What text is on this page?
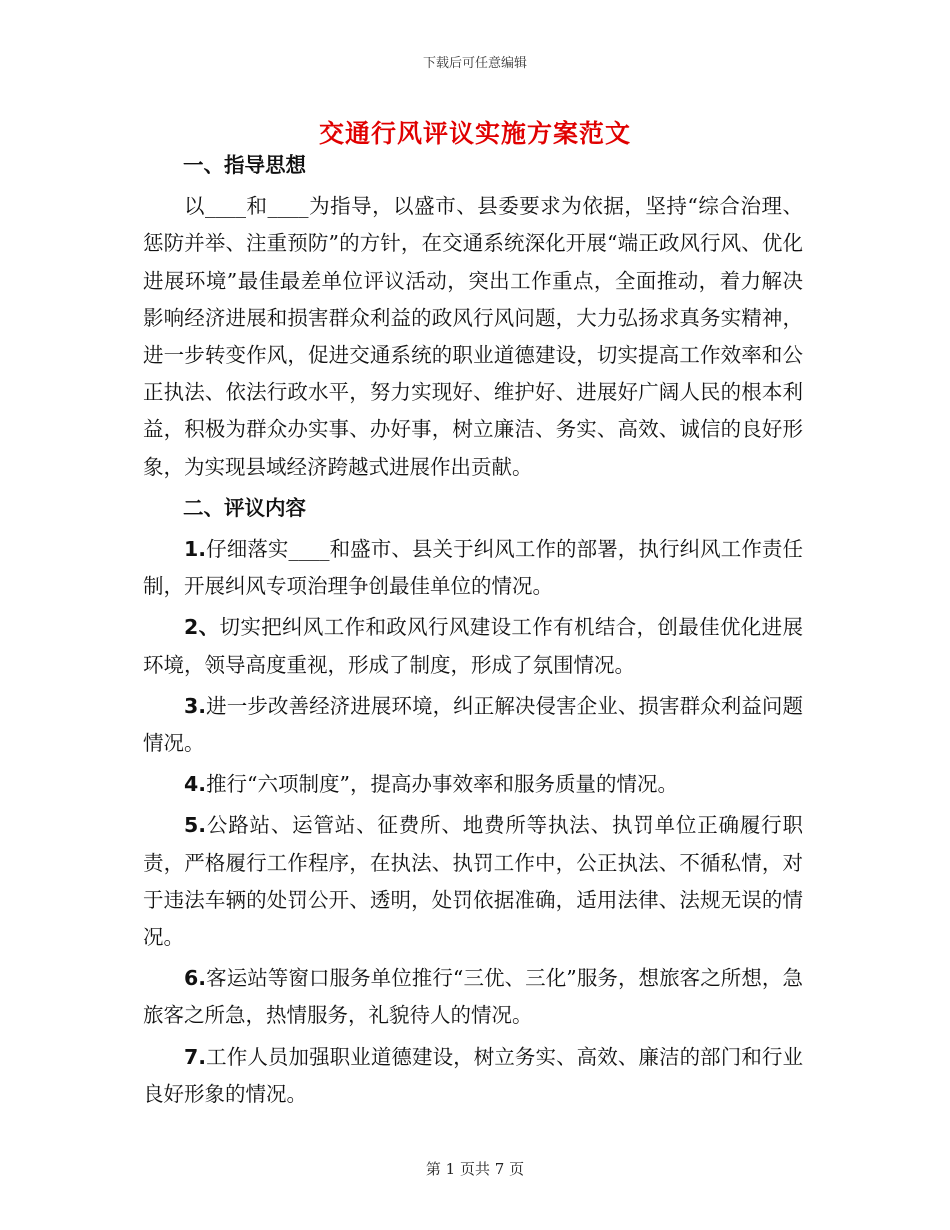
下载后可任意编辑
交通行风评议实施方案范文
一、指导思想

以____和____为指导，以盛市、县委要求为依据，坚持“综合治理、惩防并举、注重预防”的方针，在交通系统深化开展“端正政风行风、优化进展环境”最佳最差单位评议活动，突出工作重点，全面推动，着力解决影响经济进展和损害群众利益的政风行风问题，大力弘扬求真务实精神，进一步转变作风，促进交通系统的职业道德建设，切实提高工作效率和公正执法、依法行政水平，努力实现好、维护好、进展好广阔人民的根本利益，积极为群众办实事、办好事，树立廉洁、务实、高效、诚信的良好形象，为实现县域经济跨越式进展作出贡献。

二、评议内容

1.仔细落实____和盛市、县关于纠风工作的部署，执行纠风工作责任制，开展纠风专项治理争创最佳单位的情况。

2、切实把纠风工作和政风行风建设工作有机结合，创最佳优化进展环境，领导高度重视，形成了制度，形成了氛围情况。

3.进一步改善经济进展环境，纠正解决侵害企业、损害群众利益问题情况。

4.推行“六项制度”，提高办事效率和服务质量的情况。

5.公路站、运管站、征费所、地费所等执法、执罚单位正确履行职责，严格履行工作程序，在执法、执罚工作中，公正执法、不循私情，对于违法车辆的处罚公开、透明，处罚依据准确，适用法律、法规无误的情况。

6.客运站等窗口服务单位推行“三优、三化”服务，想旅客之所想，急旅客之所急，热情服务，礼貌待人的情况。

7.工作人员加强职业道德建设，树立务实、高效、廉洁的部门和行业良好形象的情况。

第 1 页共 7 页
